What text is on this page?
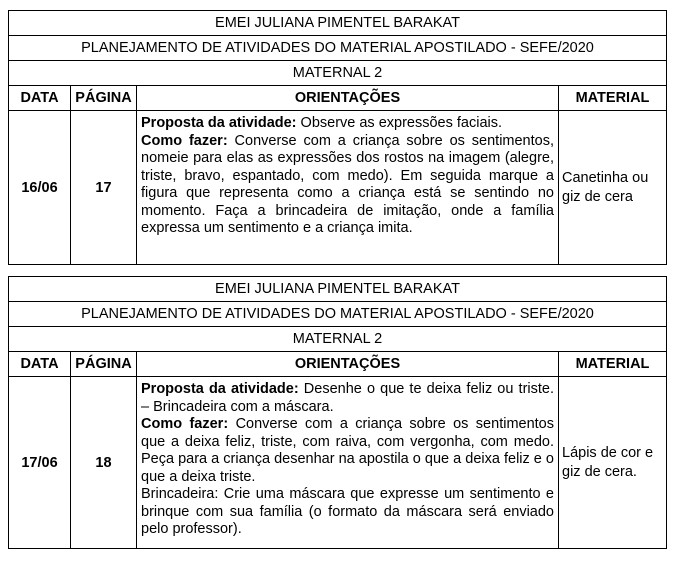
EMEI JULIANA PIMENTEL BARAKAT			
PLANEJAMENTO DE ATIVIDADES DO MATERIAL APOSTILADO - SEFE/2020			
MATERNAL 2			
DATA	PÁGINA	ORIENTAÇÕES	MATERIAL
16/06	17	Proposta da atividade: Observe as expressões faciais.
Como fazer: Converse com a criança sobre os sentimentos, nomeie para elas as expressões dos rostos na imagem (alegre, triste, bravo, espantado, com medo). Em seguida marque a figura que representa como a criança está se sentindo no momento. Faça a brincadeira de imitação, onde a família expressa um sentimento e a criança imita.	Canetinha ou giz de cera
EMEI JULIANA PIMENTEL BARAKAT			
PLANEJAMENTO DE ATIVIDADES DO MATERIAL APOSTILADO - SEFE/2020			
MATERNAL 2			
DATA	PÁGINA	ORIENTAÇÕES	MATERIAL
17/06	18	Proposta da atividade: Desenhe o que te deixa feliz ou triste. – Brincadeira com a máscara.
Como fazer: Converse com a criança sobre os sentimentos que a deixa feliz, triste, com raiva, com vergonha, com medo. Peça para a criança desenhar na apostila o que a deixa feliz e o que a deixa triste.
Brincadeira: Crie uma máscara que expresse um sentimento e brinque com sua família (o formato da máscara será enviado pelo professor).	Lápis de cor e giz de cera.
